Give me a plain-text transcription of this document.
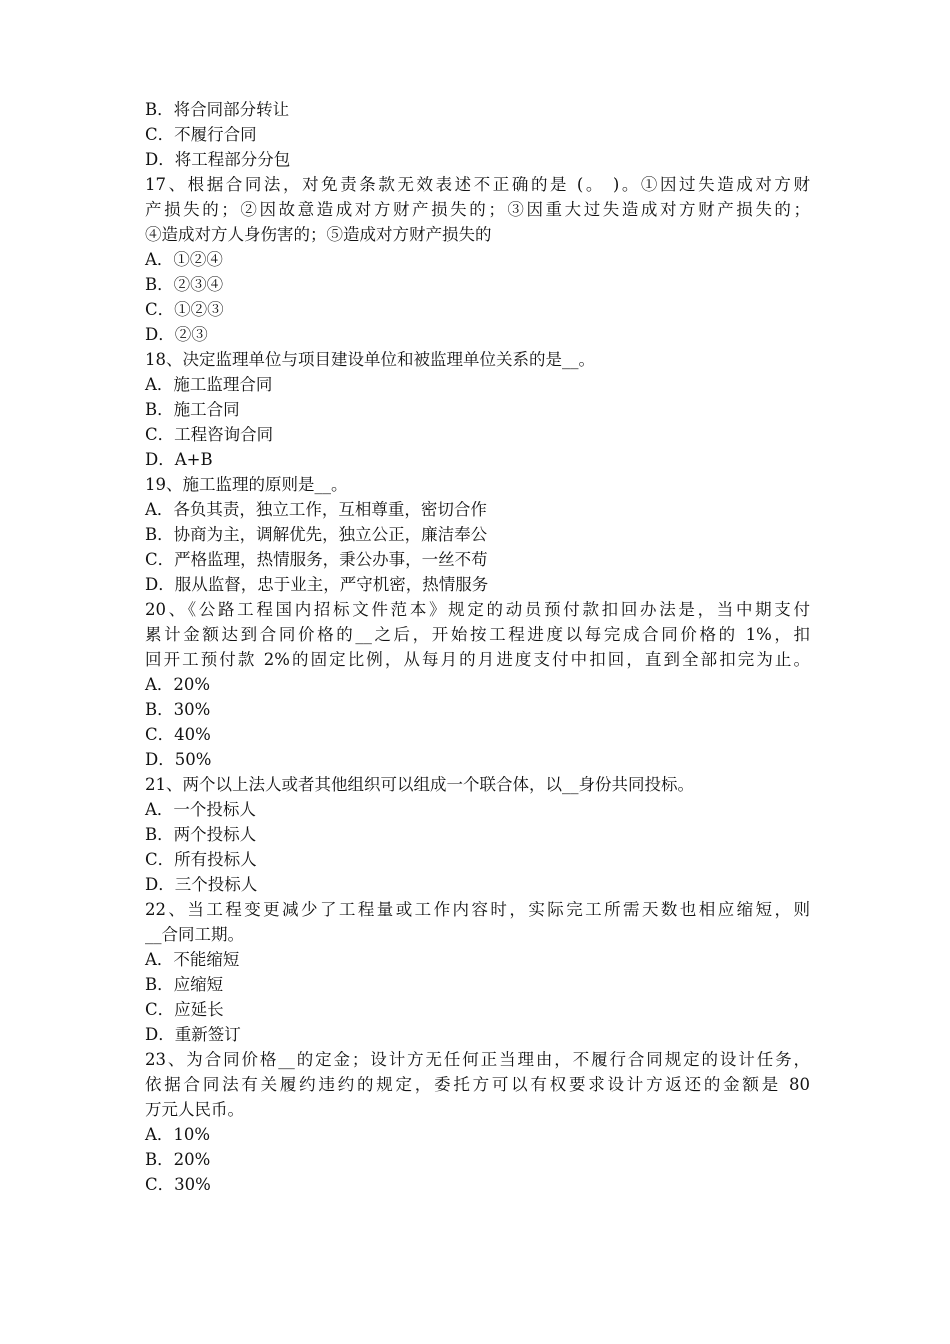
B．将合同部分转让
C．不履行合同
D．将工程部分分包
17、根据合同法，对免责条款无效表述不正确的是 (。 )。①因过失造成对方财
产损失的；②因故意造成对方财产损失的；③因重大过失造成对方财产损失的；
④造成对方人身伤害的；⑤造成对方财产损失的
A．①②④
B．②③④
C．①②③
D．②③
18、决定监理单位与项目建设单位和被监理单位关系的是__。
A．施工监理合同
B．施工合同
C．工程咨询合同
D．A+B
19、施工监理的原则是__。
A．各负其责，独立工作，互相尊重，密切合作
B．协商为主，调解优先，独立公正，廉洁奉公
C．严格监理，热情服务，秉公办事，一丝不苟
D．服从监督，忠于业主，严守机密，热情服务
20、《公路工程国内招标文件范本》规定的动员预付款扣回办法是，当中期支付
累计金额达到合同价格的__之后，开始按工程进度以每完成合同价格的 1%，扣
回开工预付款 2%的固定比例，从每月的月进度支付中扣回，直到全部扣完为止。
A．20%
B．30%
C．40%
D．50%
21、两个以上法人或者其他组织可以组成一个联合体，以__身份共同投标。
A．一个投标人
B．两个投标人
C．所有投标人
D．三个投标人
22、当工程变更减少了工程量或工作内容时，实际完工所需天数也相应缩短，则
__合同工期。
A．不能缩短
B．应缩短
C．应延长
D．重新签订
23、为合同价格__的定金；设计方无任何正当理由，不履行合同规定的设计任务，
依据合同法有关履约违约的规定，委托方可以有权要求设计方返还的金额是 80
万元人民币。
A．10%
B．20%
C．30%
